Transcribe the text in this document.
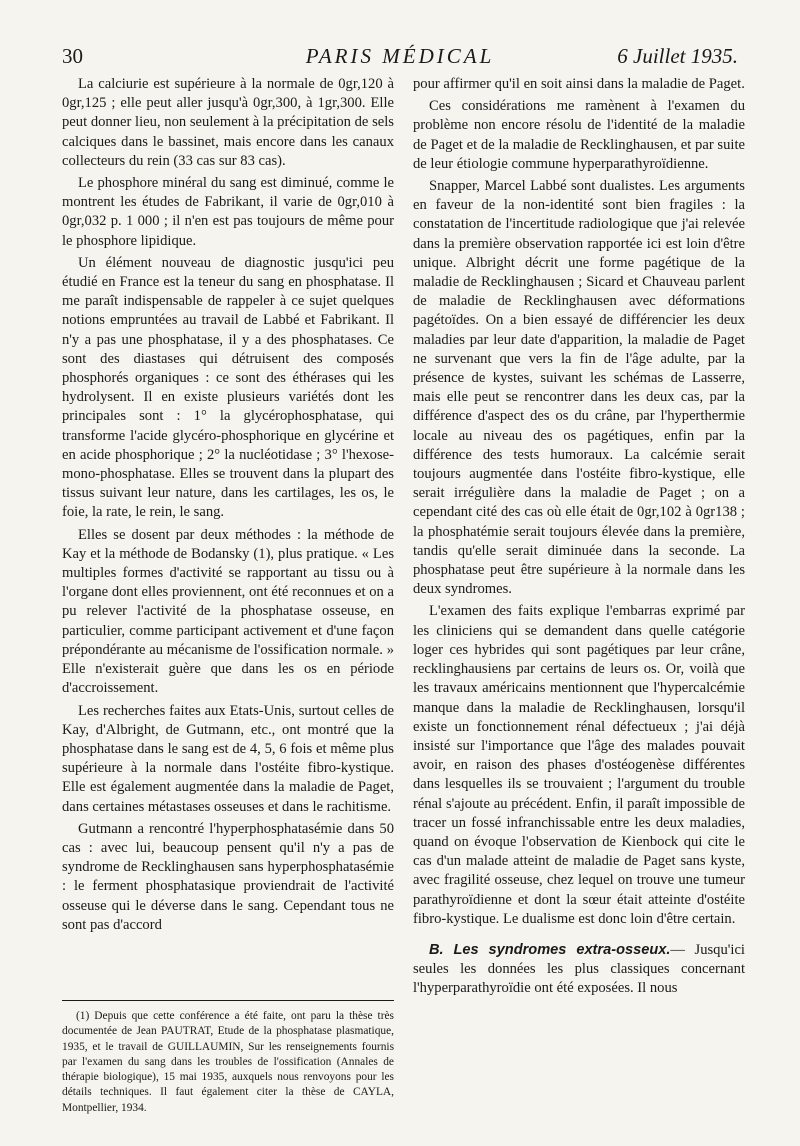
30	PARIS MÉDICAL	6 Juillet 1935.

La calciurie est supérieure à la normale de 0gr,120 à 0gr,125 ; elle peut aller jusqu'à 0gr,300, à 1gr,300. Elle peut donner lieu, non seulement à la précipitation de sels calciques dans le bassinet, mais encore dans les canaux collecteurs du rein (33 cas sur 83 cas).

Le phosphore minéral du sang est diminué, comme le montrent les études de Fabrikant, il varie de 0gr,010 à 0gr,032 p. 1 000 ; il n'en est pas toujours de même pour le phosphore lipidique.

Un élément nouveau de diagnostic jusqu'ici peu étudié en France est la teneur du sang en phosphatase. Il me paraît indispensable de rappeler à ce sujet quelques notions empruntées au travail de Labbé et Fabrikant. Il n'y a pas une phosphatase, il y a des phosphatases. Ce sont des diastases qui détruisent des composés phosphorés organiques : ce sont des éthérases qui les hydrolysent. Il en existe plusieurs variétés dont les principales sont : 1° la glycérophosphatase, qui transforme l'acide glycéro-phosphorique en glycérine et en acide phosphorique ; 2° la nucléotidase ; 3° l'hexose-mono-phosphatase. Elles se trouvent dans la plupart des tissus suivant leur nature, dans les cartilages, les os, le foie, la rate, le rein, le sang.

Elles se dosent par deux méthodes : la méthode de Kay et la méthode de Bodansky (1), plus pratique. « Les multiples formes d'activité se rapportant au tissu ou à l'organe dont elles proviennent, ont été reconnues et on a pu relever l'activité de la phosphatase osseuse, en particulier, comme participant activement et d'une façon prépondérante au mécanisme de l'ossification normale. » Elle n'existerait guère que dans les os en période d'accroissement.

Les recherches faites aux Etats-Unis, surtout celles de Kay, d'Albright, de Gutmann, etc., ont montré que la phosphatase dans le sang est de 4, 5, 6 fois et même plus supérieure à la normale dans l'ostéite fibro-kystique. Elle est également augmentée dans la maladie de Paget, dans certaines métastases osseuses et dans le rachitisme.

Gutmann a rencontré l'hyperphosphatasémie dans 50 cas : avec lui, beaucoup pensent qu'il n'y a pas de syndrome de Recklinghausen sans hyperphosphatasémie : le ferment phosphatasique proviendrait de l'activité osseuse qui le déverse dans le sang. Cependant tous ne sont pas d'accord

(1) Depuis que cette conférence a été faite, ont paru la thèse très documentée de Jean PAUTRAT, Etude de la phosphatase plasmatique, 1935, et le travail de GUILLAUMIN, Sur les renseignements fournis par l'examen du sang dans les troubles de l'ossification (Annales de thérapie biologique), 15 mai 1935, auxquels nous renvoyons pour les détails techniques. Il faut également citer la thèse de CAYLA, Montpellier, 1934.

pour affirmer qu'il en soit ainsi dans la maladie de Paget.

Ces considérations me ramènent à l'examen du problème non encore résolu de l'identité de la maladie de Paget et de la maladie de Recklinghausen, et par suite de leur étiologie commune hyperparathyroïdienne.

Snapper, Marcel Labbé sont dualistes. Les arguments en faveur de la non-identité sont bien fragiles : la constatation de l'incertitude radiologique que j'ai relevée dans la première observation rapportée ici est loin d'être unique. Albright décrit une forme pagétique de la maladie de Recklinghausen ; Sicard et Chauveau parlent de maladie de Recklinghausen avec déformations pagétoïdes. On a bien essayé de différencier les deux maladies par leur date d'apparition, la maladie de Paget ne survenant que vers la fin de l'âge adulte, par la présence de kystes, suivant les schémas de Lasserre, mais elle peut se rencontrer dans les deux cas, par la différence d'aspect des os du crâne, par l'hyperthermie locale au niveau des os pagétiques, enfin par la différence des tests humoraux. La calcémie serait toujours augmentée dans l'ostéite fibro-kystique, elle serait irrégulière dans la maladie de Paget ; on a cependant cité des cas où elle était de 0gr,102 à 0gr138 ; la phosphatémie serait toujours élevée dans la première, tandis qu'elle serait diminuée dans la seconde. La phosphatase peut être supérieure à la normale dans les deux syndromes.

L'examen des faits explique l'embarras exprimé par les cliniciens qui se demandent dans quelle catégorie loger ces hybrides qui sont pagétiques par leur crâne, recklinghausiens par certains de leurs os. Or, voilà que les travaux américains mentionnent que l'hypercalcémie manque dans la maladie de Recklinghausen, lorsqu'il existe un fonctionnement rénal défectueux ; j'ai déjà insisté sur l'importance que l'âge des malades pouvait avoir, en raison des phases d'ostéogenèse différentes dans lesquelles ils se trouvaient ; l'argument du trouble rénal s'ajoute au précédent. Enfin, il paraît impossible de tracer un fossé infranchissable entre les deux maladies, quand on évoque l'observation de Kienbock qui cite le cas d'un malade atteint de maladie de Paget sans kyste, avec fragilité osseuse, chez lequel on trouve une tumeur parathyroïdienne et dont la sœur était atteinte d'ostéite fibro-kystique. Le dualisme est donc loin d'être certain.

B. Les syndromes extra-osseux.— Jusqu'ici seules les données les plus classiques concernant l'hyperparathyroïdie ont été exposées. Il nous
